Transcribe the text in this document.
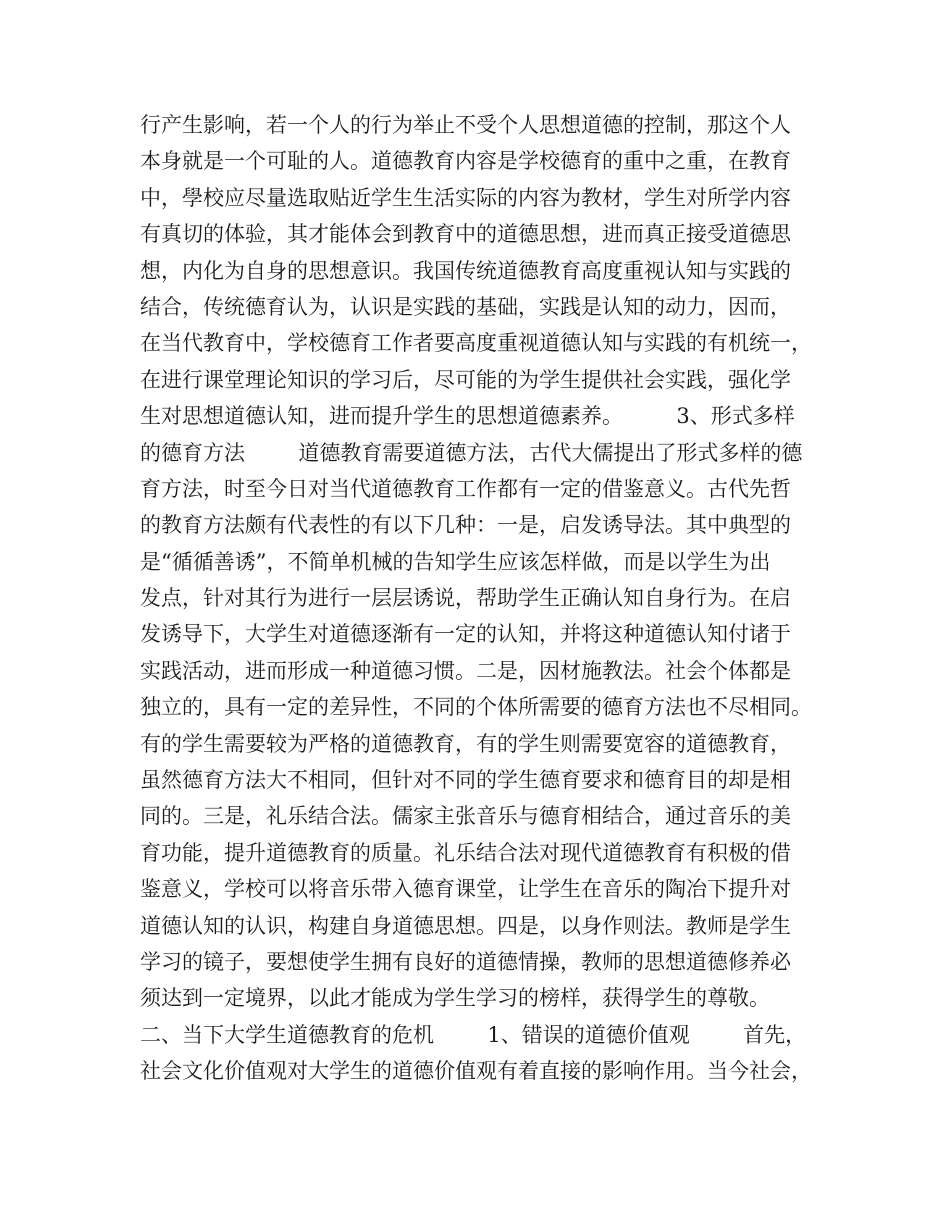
行产生影响，若一个人的行为举止不受个人思想道德的控制，那这个人
本身就是一个可耻的人。道德教育内容是学校德育的重中之重，在教育
中，學校应尽量选取贴近学生生活实际的内容为教材，学生对所学内容
有真切的体验，其才能体会到教育中的道德思想，进而真正接受道德思
想，内化为自身的思想意识。我国传统道德教育高度重视认知与实践的
结合，传统德育认为，认识是实践的基础，实践是认知的动力，因而，
在当代教育中，学校德育工作者要高度重视道德认知与实践的有机统一，
在进行课堂理论知识的学习后，尽可能的为学生提供社会实践，强化学
生对思想道德认知，进而提升学生的思想道德素养。        3、形式多样
的德育方法        道德教育需要道德方法，古代大儒提出了形式多样的德
育方法，时至今日对当代道德教育工作都有一定的借鉴意义。古代先哲
的教育方法颇有代表性的有以下几种：一是，启发诱导法。其中典型的
是“循循善诱”，不简单机械的告知学生应该怎样做，而是以学生为出
发点，针对其行为进行一层层诱说，帮助学生正确认知自身行为。在启
发诱导下，大学生对道德逐渐有一定的认知，并将这种道德认知付诸于
实践活动，进而形成一种道德习惯。二是，因材施教法。社会个体都是
独立的，具有一定的差异性，不同的个体所需要的德育方法也不尽相同。
有的学生需要较为严格的道德教育，有的学生则需要宽容的道德教育，
虽然德育方法大不相同，但针对不同的学生德育要求和德育目的却是相
同的。三是，礼乐结合法。儒家主张音乐与德育相结合，通过音乐的美
育功能，提升道德教育的质量。礼乐结合法对现代道德教育有积极的借
鉴意义，学校可以将音乐带入德育课堂，让学生在音乐的陶冶下提升对
道德认知的认识，构建自身道德思想。四是，以身作则法。教师是学生
学习的镜子，要想使学生拥有良好的道德情操，教师的思想道德修养必
须达到一定境界，以此才能成为学生学习的榜样，获得学生的尊敬。
二、当下大学生道德教育的危机        1、错误的道德价值观        首先，
社会文化价值观对大学生的道德价值观有着直接的影响作用。当今社会，
